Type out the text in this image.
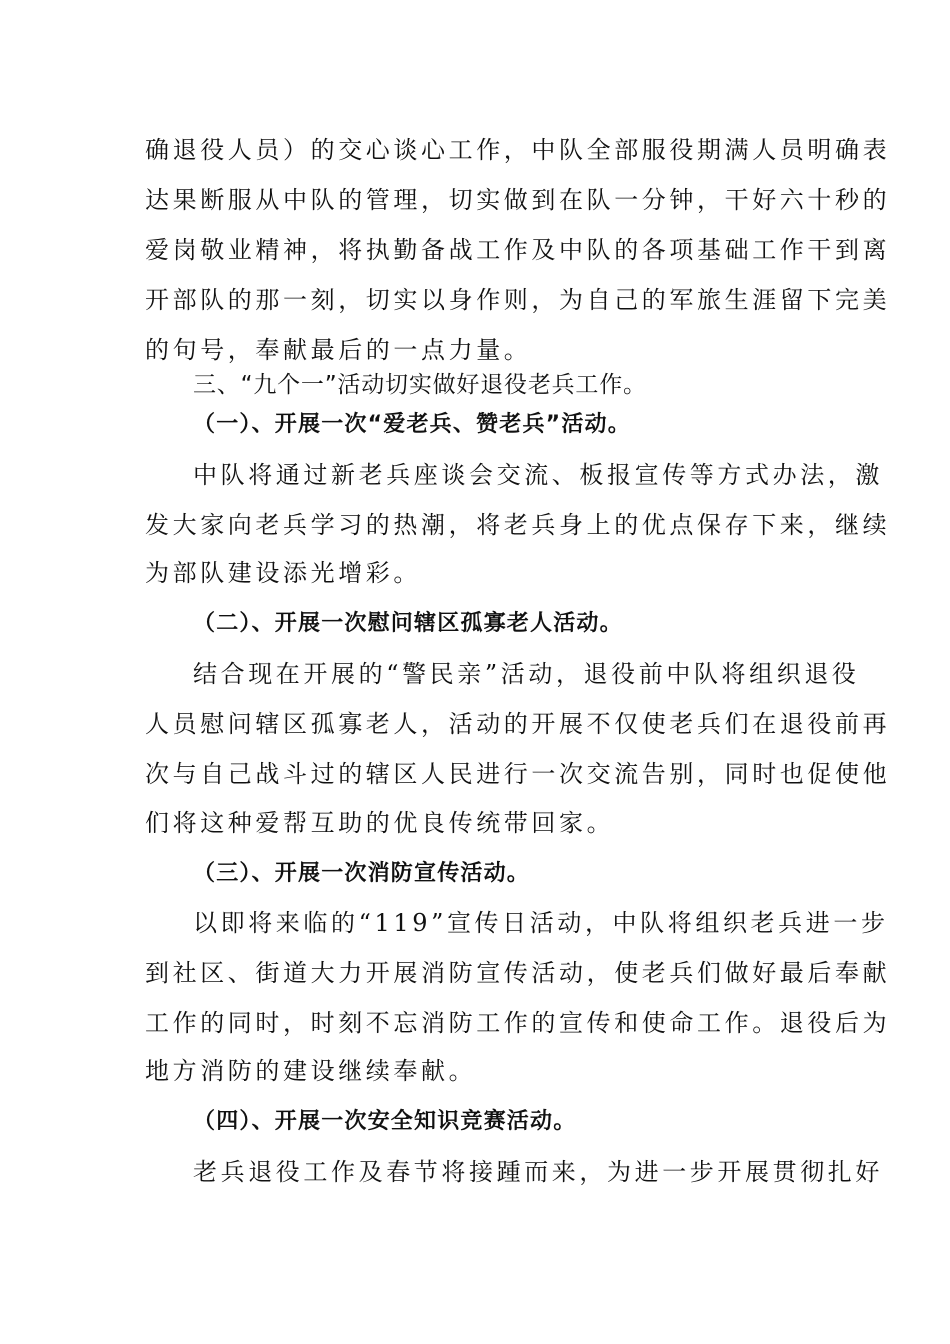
确退役人员）的交心谈心工作，中队全部服役期满人员明确表
达果断服从中队的管理，切实做到在队一分钟，干好六十秒的
爱岗敬业精神，将执勤备战工作及中队的各项基础工作干到离
开部队的那一刻，切实以身作则，为自己的军旅生涯留下完美
的句号，奉献最后的一点力量。
三、“九个一”活动切实做好退役老兵工作。
（一）、开展一次“爱老兵、赞老兵”活动。
中队将通过新老兵座谈会交流、板报宣传等方式办法，激
发大家向老兵学习的热潮，将老兵身上的优点保存下来，继续
为部队建设添光增彩。
（二）、开展一次慰问辖区孤寡老人活动。
结合现在开展的“警民亲”活动，退役前中队将组织退役
人员慰问辖区孤寡老人，活动的开展不仅使老兵们在退役前再
次与自己战斗过的辖区人民进行一次交流告别，同时也促使他
们将这种爱帮互助的优良传统带回家。
（三）、开展一次消防宣传活动。
以即将来临的“119”宣传日活动，中队将组织老兵进一步
到社区、街道大力开展消防宣传活动，使老兵们做好最后奉献
工作的同时，时刻不忘消防工作的宣传和使命工作。退役后为
地方消防的建设继续奉献。
（四）、开展一次安全知识竞赛活动。
老兵退役工作及春节将接踵而来，为进一步开展贯彻扎好
